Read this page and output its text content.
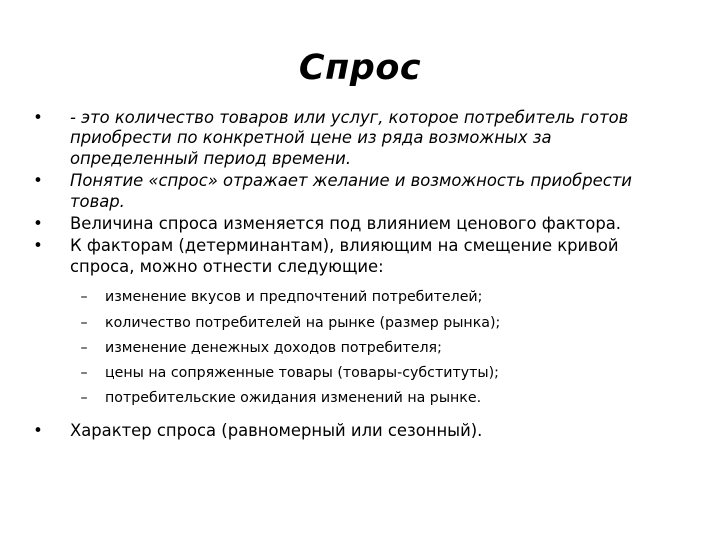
Спрос
• - это количество товаров или услуг, которое потребитель готов приобрести по конкретной цене из ряда возможных за определенный период времени.
• Понятие «спрос» отражает желание и возможность приобрести товар.
• Величина спроса изменяется под влиянием ценового фактора.
• К факторам (детерминантам), влияющим на смещение кривой спроса, можно отнести следующие:
–	изменение вкусов и предпочтений потребителей;
–	количество потребителей на рынке (размер рынка);
–	изменение денежных доходов потребителя;
–	цены на сопряженные товары (товары-субституты);
–	потребительские ожидания изменений на рынке.
• Характер спроса (равномерный или сезонный).
